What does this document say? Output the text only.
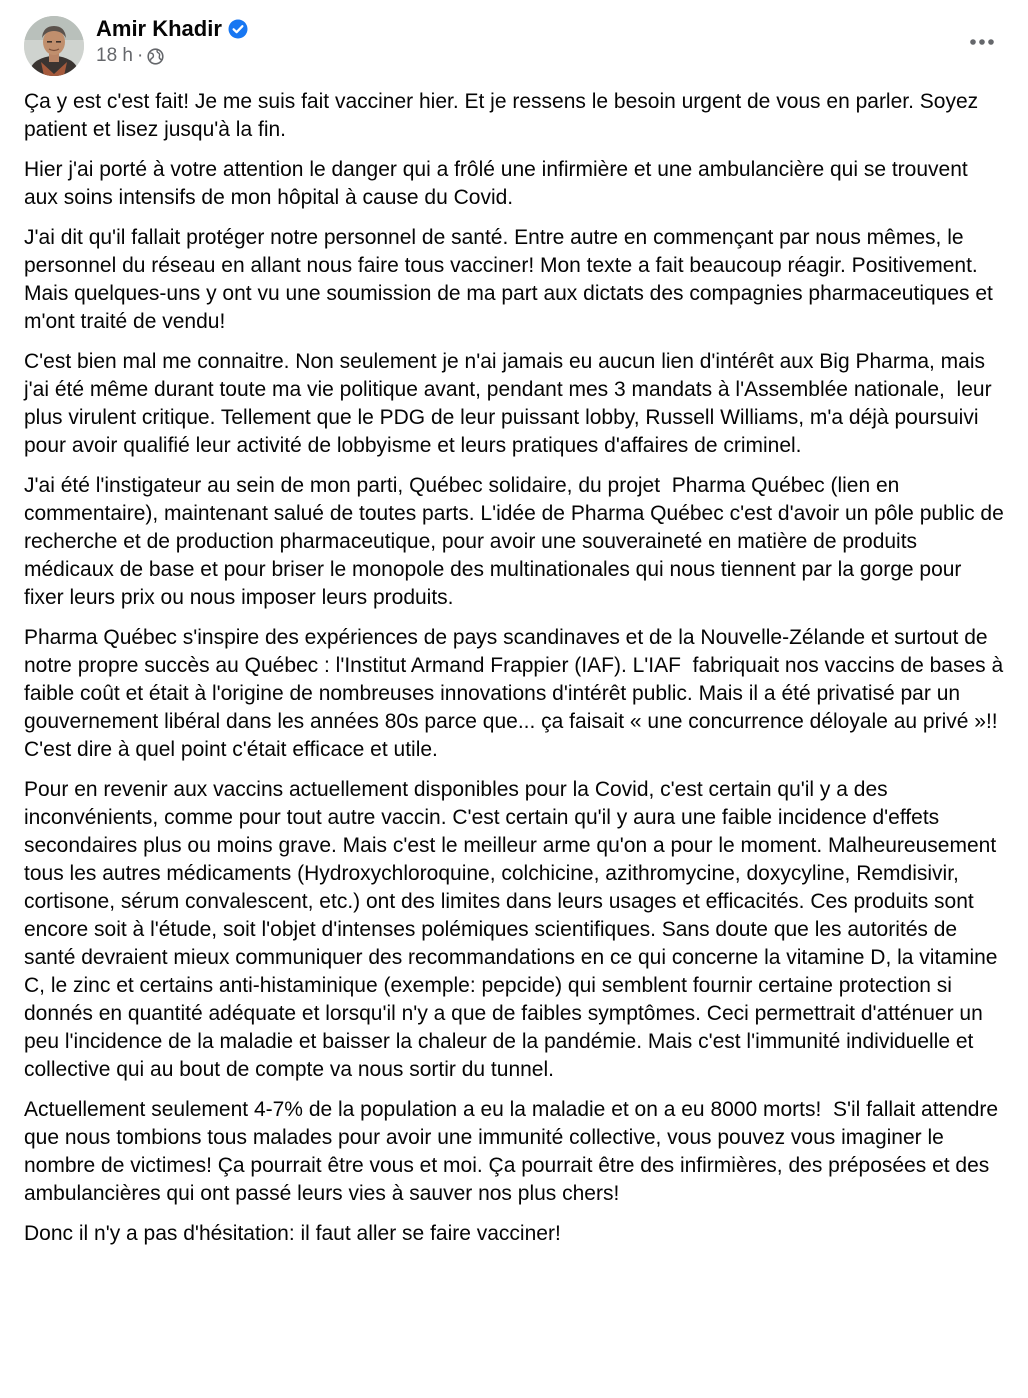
Amir Khadir
18 h ·

Ça y est c'est fait! Je me suis fait vacciner hier. Et je ressens le besoin urgent de vous en parler. Soyez patient et lisez jusqu'à la fin.

Hier j'ai porté à votre attention le danger qui a frôlé une infirmière et une ambulancière qui se trouvent aux soins intensifs de mon hôpital à cause du Covid.

J'ai dit qu'il fallait protéger notre personnel de santé. Entre autre en commençant par nous mêmes, le personnel du réseau en allant nous faire tous vacciner! Mon texte a fait beaucoup réagir. Positivement. Mais quelques-uns y ont vu une soumission de ma part aux dictats des compagnies pharmaceutiques et m'ont traité de vendu!

C'est bien mal me connaitre. Non seulement je n'ai jamais eu aucun lien d'intérêt aux Big Pharma, mais j'ai été même durant toute ma vie politique avant, pendant mes 3 mandats à l'Assemblée nationale,  leur plus virulent critique. Tellement que le PDG de leur puissant lobby, Russell Williams, m'a déjà poursuivi pour avoir qualifié leur activité de lobbyisme et leurs pratiques d'affaires de criminel.

J'ai été l'instigateur au sein de mon parti, Québec solidaire, du projet  Pharma Québec (lien en commentaire), maintenant salué de toutes parts. L'idée de Pharma Québec c'est d'avoir un pôle public de recherche et de production pharmaceutique, pour avoir une souveraineté en matière de produits médicaux de base et pour briser le monopole des multinationales qui nous tiennent par la gorge pour fixer leurs prix ou nous imposer leurs produits.

Pharma Québec s'inspire des expériences de pays scandinaves et de la Nouvelle-Zélande et surtout de notre propre succès au Québec : l'Institut Armand Frappier (IAF). L'IAF  fabriquait nos vaccins de bases à faible coût et était à l'origine de nombreuses innovations d'intérêt public. Mais il a été privatisé par un gouvernement libéral dans les années 80s parce que... ça faisait « une concurrence déloyale au privé »!! C'est dire à quel point c'était efficace et utile.

Pour en revenir aux vaccins actuellement disponibles pour la Covid, c'est certain qu'il y a des inconvénients, comme pour tout autre vaccin. C'est certain qu'il y aura une faible incidence d'effets secondaires plus ou moins grave. Mais c'est le meilleur arme qu'on a pour le moment. Malheureusement tous les autres médicaments (Hydroxychloroquine, colchicine, azithromycine, doxycyline, Remdisivir, cortisone, sérum convalescent, etc.) ont des limites dans leurs usages et efficacités. Ces produits sont encore soit à l'étude, soit l'objet d'intenses polémiques scientifiques. Sans doute que les autorités de santé devraient mieux communiquer des recommandations en ce qui concerne la vitamine D, la vitamine C, le zinc et certains anti-histaminique (exemple: pepcide) qui semblent fournir certaine protection si donnés en quantité adéquate et lorsqu'il n'y a que de faibles symptômes. Ceci permettrait d'atténuer un peu l'incidence de la maladie et baisser la chaleur de la pandémie. Mais c'est l'immunité individuelle et collective qui au bout de compte va nous sortir du tunnel.

Actuellement seulement 4-7% de la population a eu la maladie et on a eu 8000 morts!  S'il fallait attendre que nous tombions tous malades pour avoir une immunité collective, vous pouvez vous imaginer le nombre de victimes! Ça pourrait être vous et moi. Ça pourrait être des infirmières, des préposées et des ambulancières qui ont passé leurs vies à sauver nos plus chers!

Donc il n'y a pas d'hésitation: il faut aller se faire vacciner!
